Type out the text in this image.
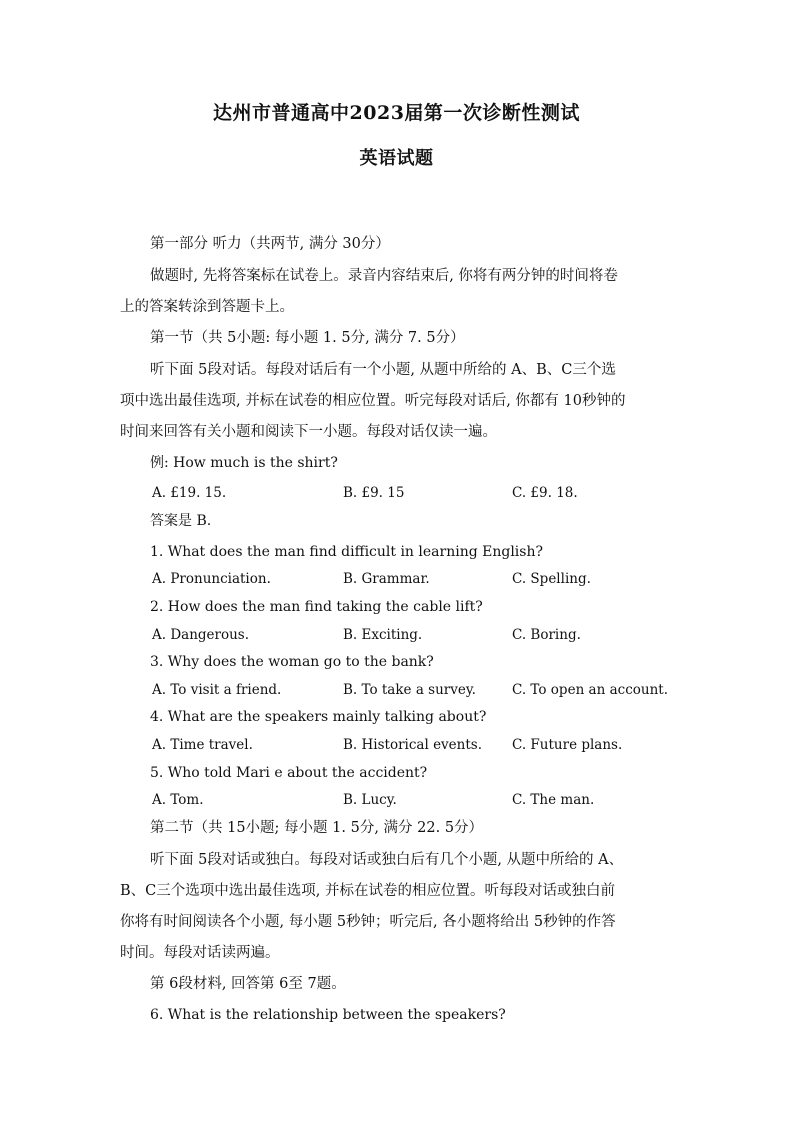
达州市普通高中2023届第一次诊断性测试
英语试题
第一部分 听力（共两节, 满分 30分）
做题时, 先将答案标在试卷上。录音内容结束后, 你将有两分钟的时间将卷
上的答案转涂到答题卡上。
第一节（共 5小题: 每小题 1. 5分, 满分 7. 5分）
听下面 5段对话。每段对话后有一个小题, 从题中所给的 A、B、C三个选
项中选出最佳选项, 并标在试卷的相应位置。听完每段对话后, 你都有 10秒钟的
时间来回答有关小题和阅读下一小题。每段对话仅读一遍。
例: How much is the shirt?
A. £19. 15.	B. £9. 15	C. £9. 18.
答案是 B.
1. What does the man find difficult in learning English?
A. Pronunciation.	B. Grammar.	C. Spelling.
2. How does the man find taking the cable lift?
A. Dangerous.	B. Exciting.	C. Boring.
3. Why does the woman go to the bank?
A. To visit a friend.	B. To take a survey.	C. To open an account.
4. What are the speakers mainly talking about?
A. Time travel.	B. Historical events. C. Future plans.
5. Who told Mari e about the accident?
A. Tom.	B. Lucy.	C. The man.
第二节（共 15小题; 每小题 1. 5分, 满分 22. 5分）
听下面 5段对话或独白。每段对话或独白后有几个小题, 从题中所给的 A、
B、C三个选项中选出最佳选项, 并标在试卷的相应位置。听每段对话或独白前
你将有时间阅读各个小题, 每小题 5秒钟；听完后, 各小题将给出 5秒钟的作答
时间。每段对话读两遍。
第 6段材料, 回答第 6至 7题。
6. What is the relationship between the speakers?
